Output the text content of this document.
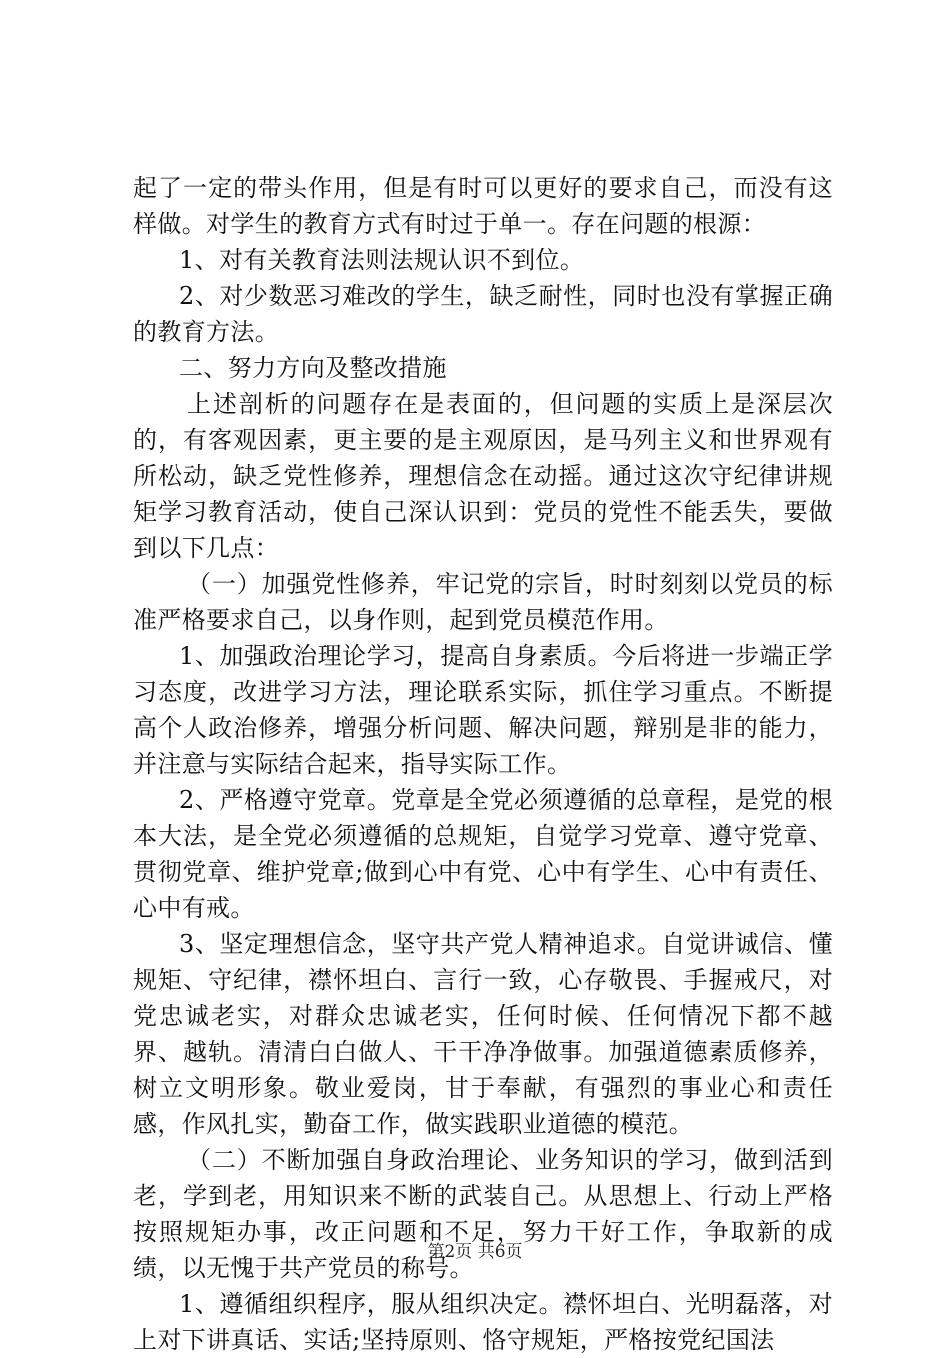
起了一定的带头作用，但是有时可以更好的要求自己，而没有这样做。对学生的教育方式有时过于单一。存在问题的根源：

1、对有关教育法则法规认识不到位。

2、对少数恶习难改的学生，缺乏耐性，同时也没有掌握正确的教育方法。

二、努力方向及整改措施

上述剖析的问题存在是表面的，但问题的实质上是深层次的，有客观因素，更主要的是主观原因，是马列主义和世界观有所松动，缺乏党性修养，理想信念在动摇。通过这次守纪律讲规矩学习教育活动，使自己深认识到：党员的党性不能丢失，要做到以下几点：

（一）加强党性修养，牢记党的宗旨，时时刻刻以党员的标准严格要求自己，以身作则，起到党员模范作用。

1、加强政治理论学习，提高自身素质。今后将进一步端正学习态度，改进学习方法，理论联系实际，抓住学习重点。不断提高个人政治修养，增强分析问题、解决问题，辩别是非的能力，并注意与实际结合起来，指导实际工作。

2、严格遵守党章。党章是全党必须遵循的总章程，是党的根本大法，是全党必须遵循的总规矩，自觉学习党章、遵守党章、贯彻党章、维护党章;做到心中有党、心中有学生、心中有责任、心中有戒。

3、坚定理想信念，坚守共产党人精神追求。自觉讲诚信、懂规矩、守纪律，襟怀坦白、言行一致，心存敬畏、手握戒尺，对党忠诚老实，对群众忠诚老实，任何时候、任何情况下都不越界、越轨。清清白白做人、干干净净做事。加强道德素质修养，树立文明形象。敬业爱岗，甘于奉献，有强烈的事业心和责任感，作风扎实，勤奋工作，做实践职业道德的模范。

（二）不断加强自身政治理论、业务知识的学习，做到活到老，学到老，用知识来不断的武装自己。从思想上、行动上严格按照规矩办事，改正问题和不足，努力干好工作，争取新的成绩，以无愧于共产党员的称号。

1、遵循组织程序，服从组织决定。襟怀坦白、光明磊落，对上对下讲真话、实话;坚持原则、恪守规矩，严格按党纪国法

第2页 共6页
